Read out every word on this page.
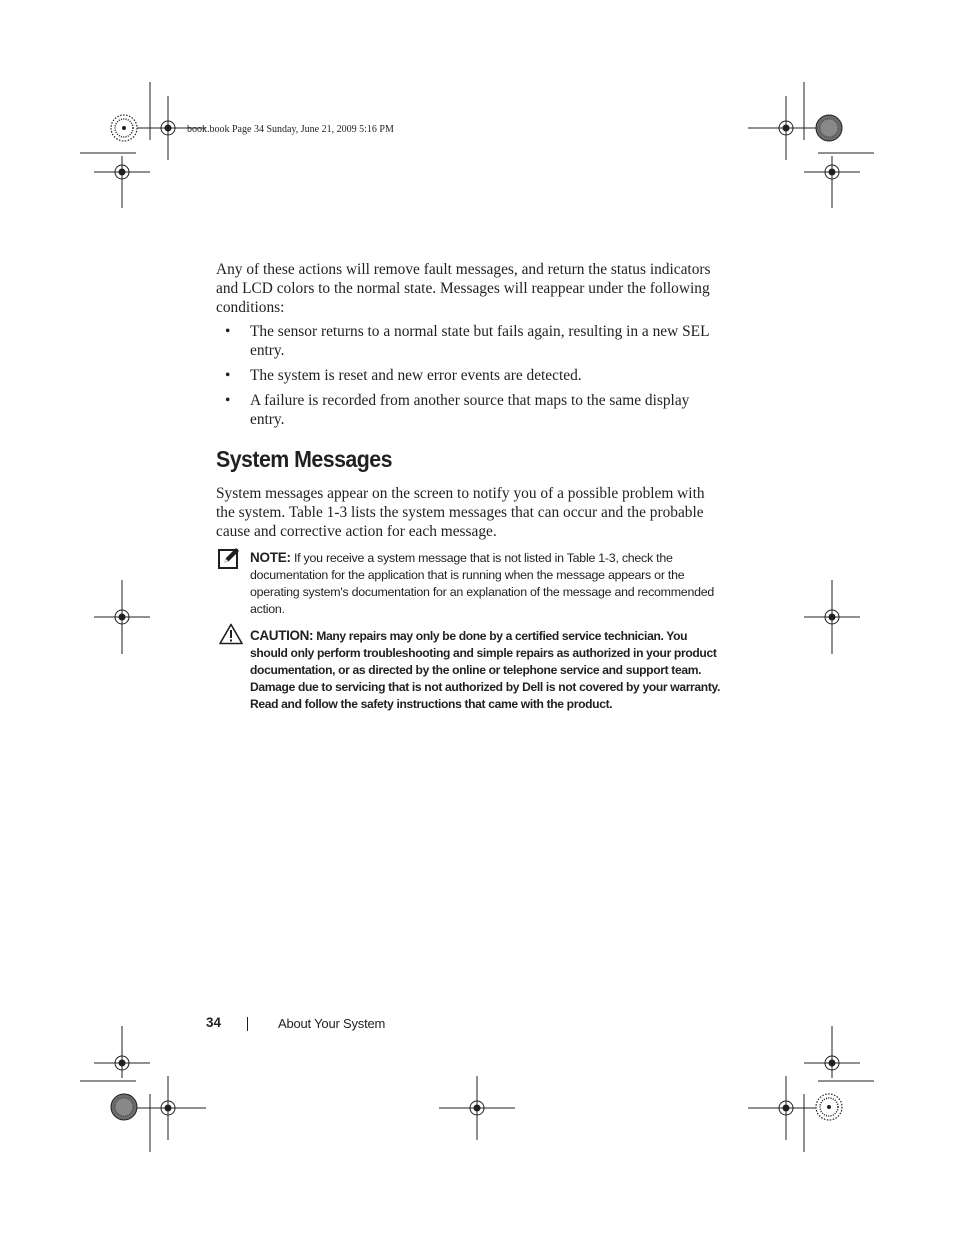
book.book Page 34 Sunday, June 21, 2009 5:16 PM
Any of these actions will remove fault messages, and return the status indicators and LCD colors to the normal state. Messages will reappear under the following conditions:
• The sensor returns to a normal state but fails again, resulting in a new SEL entry.
• The system is reset and new error events are detected.
• A failure is recorded from another source that maps to the same display entry.
System Messages
System messages appear on the screen to notify you of a possible problem with the system. Table 1-3 lists the system messages that can occur and the probable cause and corrective action for each message.
NOTE: If you receive a system message that is not listed in Table 1-3, check the documentation for the application that is running when the message appears or the operating system's documentation for an explanation of the message and recommended action.
CAUTION: Many repairs may only be done by a certified service technician. You should only perform troubleshooting and simple repairs as authorized in your product documentation, or as directed by the online or telephone service and support team. Damage due to servicing that is not authorized by Dell is not covered by your warranty. Read and follow the safety instructions that came with the product.
34	About Your System
